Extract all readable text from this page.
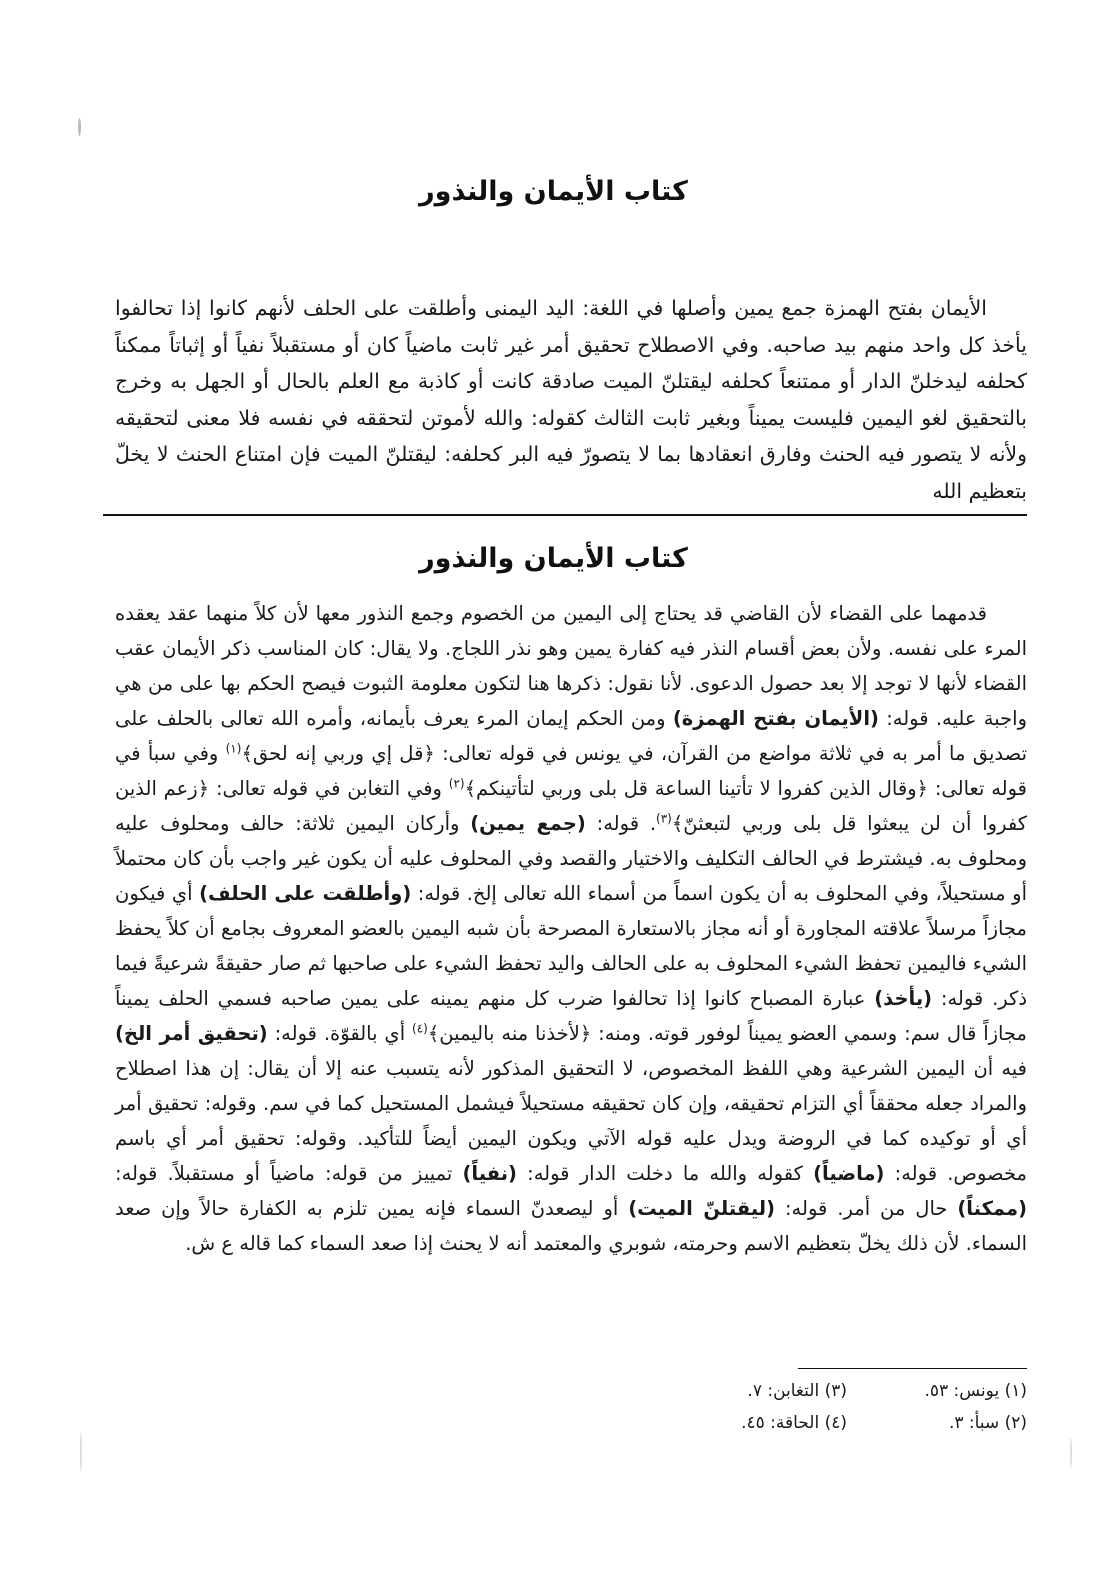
كتاب الأيمان والنذور

الأيمان بفتح الهمزة جمع يمين وأصلها في اللغة: اليد اليمنى وأطلقت على الحلف لأنهم كانوا إذا تحالفوا يأخذ كل واحد منهم بيد صاحبه. وفي الاصطلاح تحقيق أمر غير ثابت ماضياً كان أو مستقبلاً نفياً أو إثباتاً ممكناً كحلفه ليدخلنّ الدار أو ممتنعاً كحلفه ليقتلنّ الميت صادقة كانت أو كاذبة مع العلم بالحال أو الجهل به وخرج بالتحقيق لغو اليمين فليست يميناً وبغير ثابت الثالث كقوله: والله لأموتن لتحققه في نفسه فلا معنى لتحقيقه ولأنه لا يتصور فيه الحنث وفارق انعقادها بما لا يتصورّ فيه البر كحلفه: ليقتلنّ الميت فإن امتناع الحنث لا يخلّ بتعظيم الله

كتاب الأيمان والنذور

قدمهما على القضاء لأن القاضي قد يحتاج إلى اليمين من الخصوم وجمع النذور معها لأن كلاً منهما عقد يعقده المرء على نفسه. ولأن بعض أقسام النذر فيه كفارة يمين وهو نذر اللجاج. ولا يقال: كان المناسب ذكر الأيمان عقب القضاء لأنها لا توجد إلا بعد حصول الدعوى. لأنا نقول: ذكرها هنا لتكون معلومة الثبوت فيصح الحكم بها على من هي واجبة عليه. قوله: (الأيمان بفتح الهمزة) ومن الحكم إيمان المرء يعرف بأيمانه، وأمره الله تعالى بالحلف على تصديق ما أمر به في ثلاثة مواضع من القرآن، في يونس في قوله تعالى: ﴿قل إي وربي إنه لحق﴾$^{(١)}$ وفي سبأ في قوله تعالى: ﴿وقال الذين كفروا لا تأتينا الساعة قل بلى وربي لتأتينكم﴾$^{(٢)}$ وفي التغابن في قوله تعالى: ﴿زعم الذين كفروا أن لن يبعثوا قل بلى وربي لتبعثنّ﴾$^{(٣)}$. قوله: (جمع يمين) وأركان اليمين ثلاثة: حالف ومحلوف عليه ومحلوف به. فيشترط في الحالف التكليف والاختيار والقصد وفي المحلوف عليه أن يكون غير واجب بأن كان محتملاً أو مستحيلاً، وفي المحلوف به أن يكون اسماً من أسماء الله تعالى إلخ. قوله: (وأطلقت على الحلف) أي فيكون مجازاً مرسلاً علاقته المجاورة أو أنه مجاز بالاستعارة المصرحة بأن شبه اليمين بالعضو المعروف بجامع أن كلاً يحفظ الشيء فاليمين تحفظ الشيء المحلوف به على الحالف واليد تحفظ الشيء على صاحبها ثم صار حقيقةً شرعيةً فيما ذكر. قوله: (يأخذ) عبارة المصباح كانوا إذا تحالفوا ضرب كل منهم يمينه على يمين صاحبه فسمي الحلف يميناً مجازاً قال سم: وسمي العضو يميناً لوفور قوته. ومنه: ﴿لأخذنا منه باليمين﴾$^{(٤)}$ أي بالقوّة. قوله: (تحقيق أمر الخ) فيه أن اليمين الشرعية وهي اللفظ المخصوص، لا التحقيق المذكور لأنه يتسبب عنه إلا أن يقال: إن هذا اصطلاح والمراد جعله محققاً أي التزام تحقيقه، وإن كان تحقيقه مستحيلاً فيشمل المستحيل كما في سم. وقوله: تحقيق أمر أي أو توكيده كما في الروضة ويدل عليه قوله الآتي ويكون اليمين أيضاً للتأكيد. وقوله: تحقيق أمر أي باسم مخصوص. قوله: (ماضياً) كقوله والله ما دخلت الدار قوله: (نفياً) تمييز من قوله: ماضياً أو مستقبلاً. قوله: (ممكناً) حال من أمر. قوله: (ليقتلنّ الميت) أو ليصعدنّ السماء فإنه يمين تلزم به الكفارة حالاً وإن صعد السماء. لأن ذلك يخلّ بتعظيم الاسم وحرمته، شوبري والمعتمد أنه لا يحنث إذا صعد السماء كما قاله ع ش.

(١) يونس: ٥٣.
(٣) التغابن: ٧.
(٢) سبأ: ٣.
(٤) الحاقة: ٤٥.
